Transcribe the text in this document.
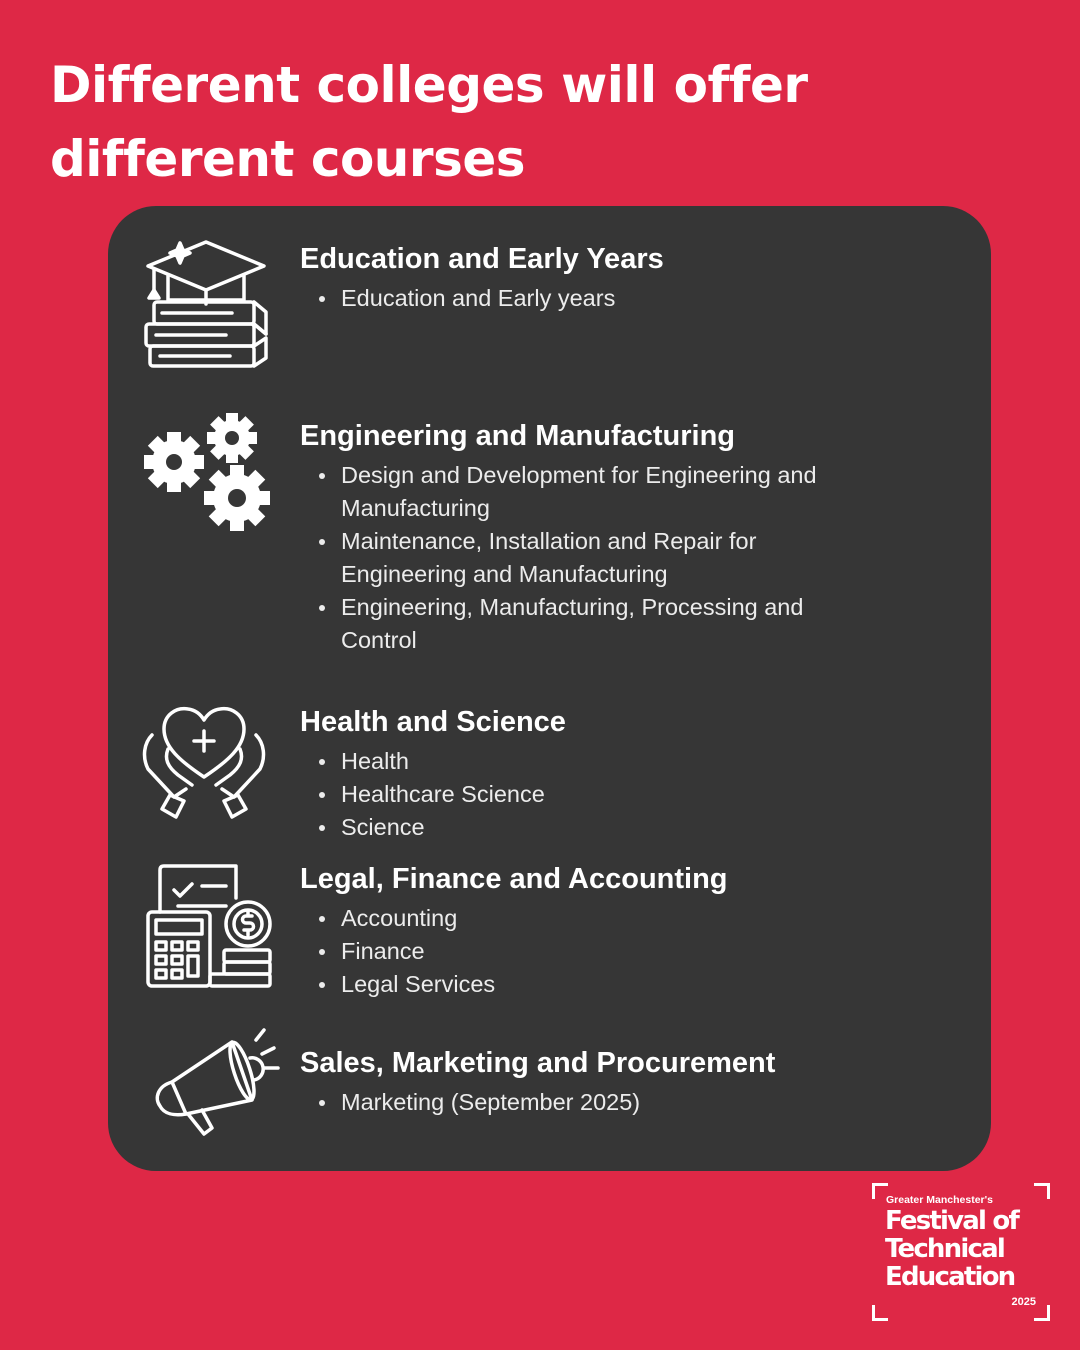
Different colleges will offer different courses
Education and Early Years
Education and Early years
Engineering and Manufacturing
Design and Development for Engineering and Manufacturing
Maintenance, Installation and Repair for Engineering and Manufacturing
Engineering, Manufacturing, Processing and Control
Health and Science
Health
Healthcare Science
Science
Legal, Finance and Accounting
Accounting
Finance
Legal Services
Sales, Marketing and Procurement
Marketing (September 2025)
Greater Manchester's
Festival of
Technical
Education
2025
